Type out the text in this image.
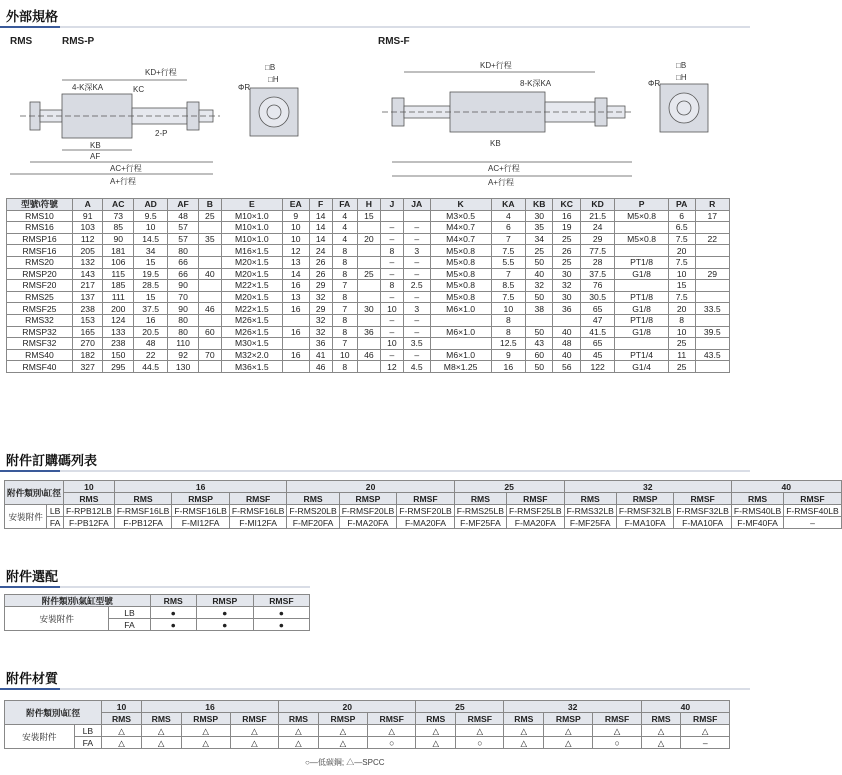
外部規格
RMS	RMS-P	RMS-F
KD+行程
KC
4-K深KA
KB
2-P
AF
AC+行程
A+行程
□B
□H
ΦR
KD+行程
8-K深KA
KB
AC+行程
A+行程
□B
□H
ΦR
型號\符號	A	AC	AD	AF	B	E	EA	F	FA	H	J	JA	K	KA	KB	KC	KD	P	PA	R
RMS10	91	73	9.5	48	25	M10×1.0	9	14	4	15			M3×0.5	4	30	16	21.5	M5×0.8	6	17
RMS16	103	85	10	57		M10×1.0	10	14	4		–	–	M4×0.7	6	35	19	24		6.5	
RMSP16	112	90	14.5	57	35	M10×1.0	10	14	4	20	–	–	M4×0.7	7	34	25	29	M5×0.8	7.5	22
RMSF16	205	181	34	80		M16×1.5	12	24	8		8	3	M5×0.8	7.5	25	26	77.5		20	
RMS20	132	106	15	66		M20×1.5	13	26	8		–	–	M5×0.8	5.5	50	25	28	PT1/8	7.5	
RMSP20	143	115	19.5	66	40	M20×1.5	14	26	8	25	–	–	M5×0.8	7	40	30	37.5	G1/8	10	29
RMSF20	217	185	28.5	90		M22×1.5	16	29	7		8	2.5	M5×0.8	8.5	32	32	76		15	
RMS25	137	111	15	70		M20×1.5	13	32	8		–	–	M5×0.8	7.5	50	30	30.5	PT1/8	7.5	
RMSF25	238	200	37.5	90	46	M22×1.5	16	29	7	30	10	3	M6×1.0	10	38	36	65	G1/8	20	33.5
RMS32	153	124	16	80		M26×1.5		32	8		–	–		8			47	PT1/8	8	
RMSP32	165	133	20.5	80	60	M26×1.5	16	32	8	36	–	–	M6×1.0	8	50	40	41.5	G1/8	10	39.5
RMSF32	270	238	48	110		M30×1.5		36	7		10	3.5		12.5	43	48	65		25	
RMS40	182	150	22	92	70	M32×2.0	16	41	10	46	–	–	M6×1.0	9	60	40	45	PT1/4	11	43.5
RMSF40	327	295	44.5	130		M36×1.5		46	8		12	4.5	M8×1.25	16	50	56	122	G1/4	25	
附件訂購碼列表
附件類別\缸徑		10	16			20			25		32			40	
		RMS	RMS	RMSP	RMSF	RMS	RMSP	RMSF	RMS	RMSF	RMS	RMSP	RMSF	RMS	RMSF
安裝附件	LB	F-RPB12LB	F-RMSF16LB	F-RMSF16LB	F-RMSF16LB	F-RMS20LB	F-RMSF20LB	F-RMSF20LB	F-RMS25LB	F-RMSF25LB	F-RMS32LB	F-RMSF32LB	F-RMSF32LB	F-RMS40LB	F-RMSF40LB
	FA	F-PB12FA	F-PB12FA	F-MI12FA	F-MI12FA	F-MF20FA	F-MA20FA	F-MA20FA	F-MF25FA	F-MA20FA	F-MF25FA	F-MA10FA	F-MA10FA	F-MF40FA	–
附件選配
附件類別\氣缸型號		RMS	RMSP	RMSF
安裝附件	LB	●	●	●
	FA	●	●	●
附件材質
附件類別\缸徑		10	16			20			25		32			40	
		RMS	RMS	RMSP	RMSF	RMS	RMSP	RMSF	RMS	RMSF	RMS	RMSP	RMSF	RMS	RMSF
安裝附件	LB	△	△	△	△	△	△	△	△	△	△	△	△	△	△
	FA	△	△	△	△	△	△	○	△	○	△	△	○	△	–
○—低碳鋼; △—SPCC
